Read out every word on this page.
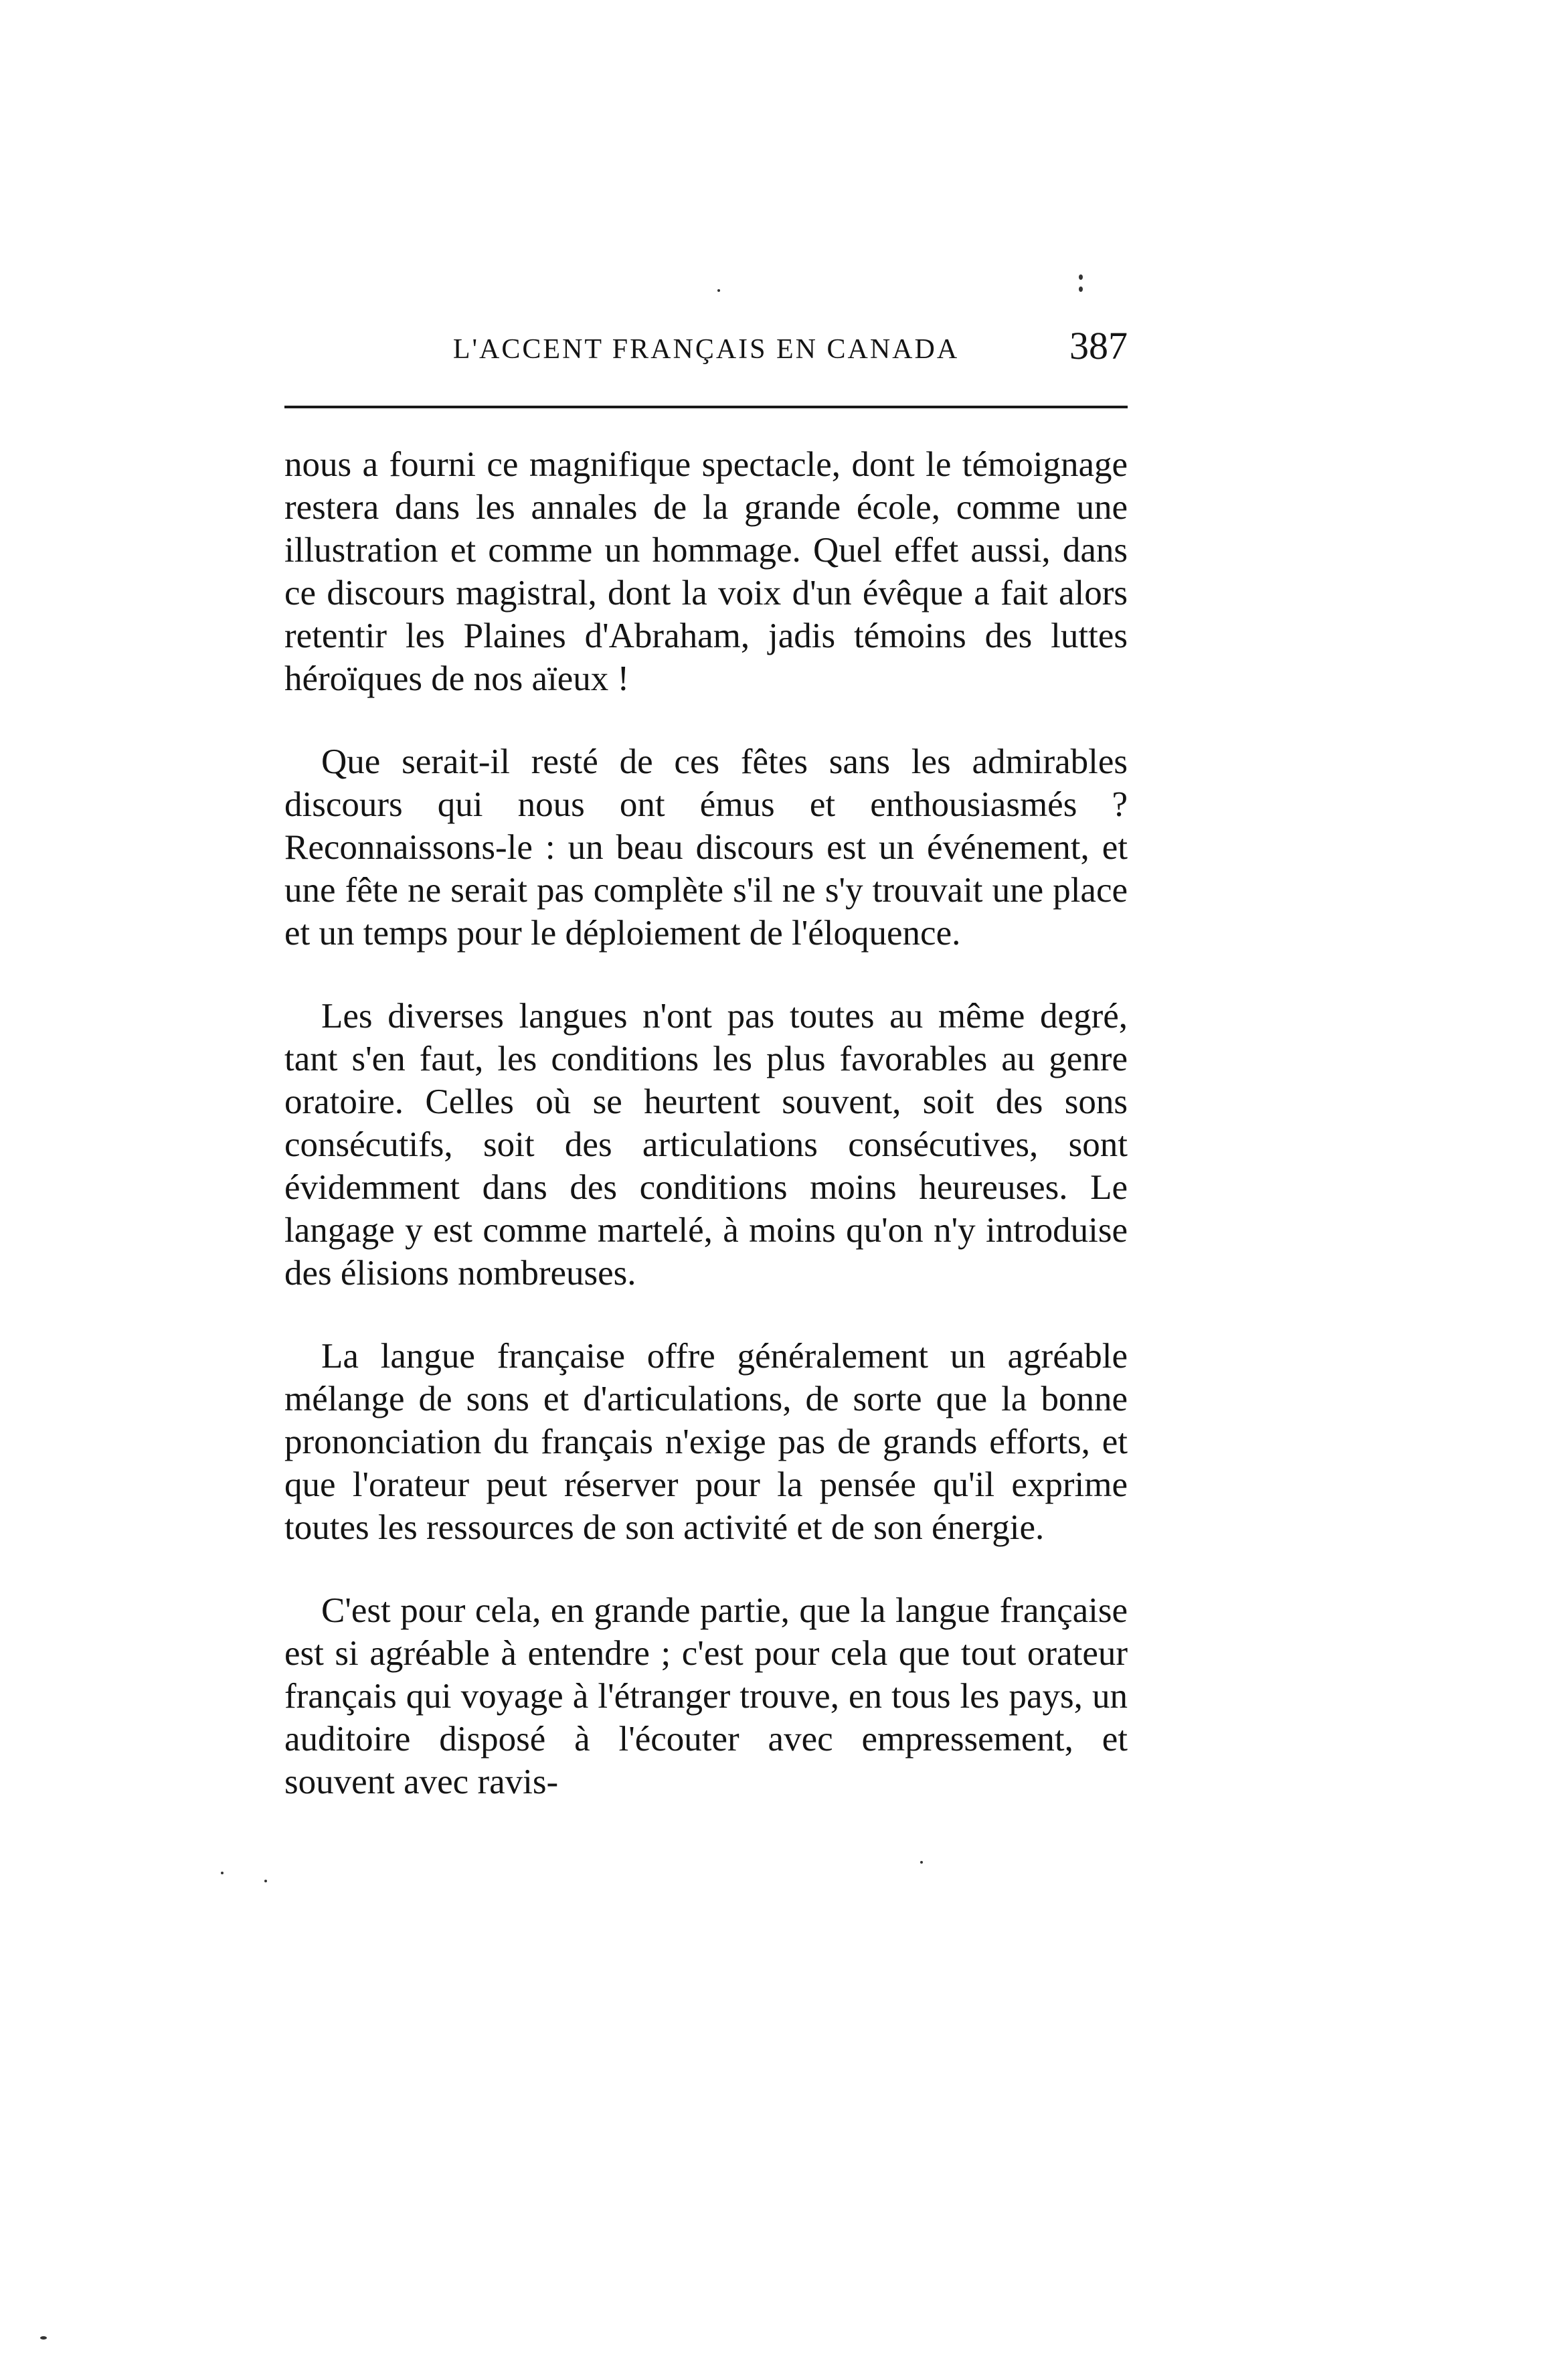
L'ACCENT FRANÇAIS EN CANADA	387

nous a fourni ce magnifique spectacle, dont le témoignage restera dans les annales de la grande école, comme une illustration et comme un hommage. Quel effet aussi, dans ce discours magistral, dont la voix d'un évêque a fait alors retentir les Plaines d'Abraham, jadis témoins des luttes héroïques de nos aïeux !

Que serait-il resté de ces fêtes sans les admirables discours qui nous ont émus et enthousiasmés ? Reconnaissons-le : un beau discours est un événement, et une fête ne serait pas complète s'il ne s'y trouvait une place et un temps pour le déploiement de l'éloquence.

Les diverses langues n'ont pas toutes au même degré, tant s'en faut, les conditions les plus favorables au genre oratoire. Celles où se heurtent souvent, soit des sons consécutifs, soit des articulations consécutives, sont évidemment dans des conditions moins heureuses. Le langage y est comme martelé, à moins qu'on n'y introduise des élisions nombreuses.

La langue française offre généralement un agréable mélange de sons et d'articulations, de sorte que la bonne prononciation du français n'exige pas de grands efforts, et que l'orateur peut réserver pour la pensée qu'il exprime toutes les ressources de son activité et de son énergie.

C'est pour cela, en grande partie, que la langue française est si agréable à entendre ; c'est pour cela que tout orateur français qui voyage à l'étranger trouve, en tous les pays, un auditoire disposé à l'écouter avec empressement, et souvent avec ravis-
